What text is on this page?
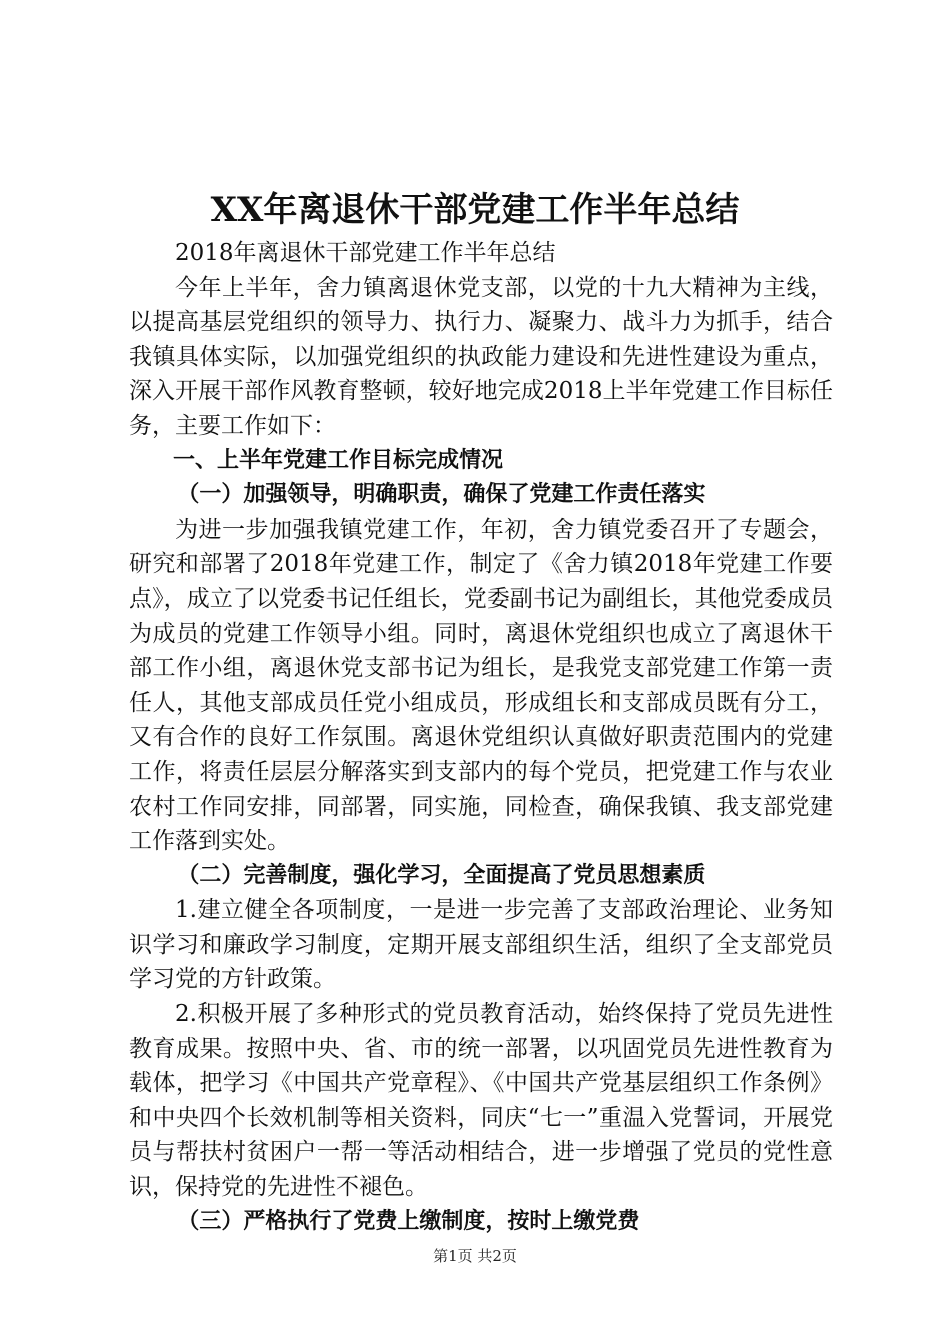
XX年离退休干部党建工作半年总结

2018年离退休干部党建工作半年总结

今年上半年，舍力镇离退休党支部，以党的十九大精神为主线，以提高基层党组织的领导力、执行力、凝聚力、战斗力为抓手，结合我镇具体实际，以加强党组织的执政能力建设和先进性建设为重点，深入开展干部作风教育整顿，较好地完成2018上半年党建工作目标任务，主要工作如下：

一、上半年党建工作目标完成情况

（一）加强领导，明确职责，确保了党建工作责任落实

为进一步加强我镇党建工作，年初，舍力镇党委召开了专题会，研究和部署了2018年党建工作，制定了《舍力镇2018年党建工作要点》，成立了以党委书记任组长，党委副书记为副组长，其他党委成员为成员的党建工作领导小组。同时，离退休党组织也成立了离退休干部工作小组，离退休党支部书记为组长，是我党支部党建工作第一责任人，其他支部成员任党小组成员，形成组长和支部成员既有分工，又有合作的良好工作氛围。离退休党组织认真做好职责范围内的党建工作，将责任层层分解落实到支部内的每个党员，把党建工作与农业农村工作同安排，同部署，同实施，同检查，确保我镇、我支部党建工作落到实处。

（二）完善制度，强化学习，全面提高了党员思想素质

1.建立健全各项制度，一是进一步完善了支部政治理论、业务知识学习和廉政学习制度，定期开展支部组织生活，组织了全支部党员学习党的方针政策。

2.积极开展了多种形式的党员教育活动，始终保持了党员先进性教育成果。按照中央、省、市的统一部署，以巩固党员先进性教育为载体，把学习《中国共产党章程》、《中国共产党基层组织工作条例》和中央四个长效机制等相关资料，同庆“七一”重温入党誓词，开展党员与帮扶村贫困户一帮一等活动相结合，进一步增强了党员的党性意识，保持党的先进性不褪色。

（三）严格执行了党费上缴制度，按时上缴党费

第1页 共2页
